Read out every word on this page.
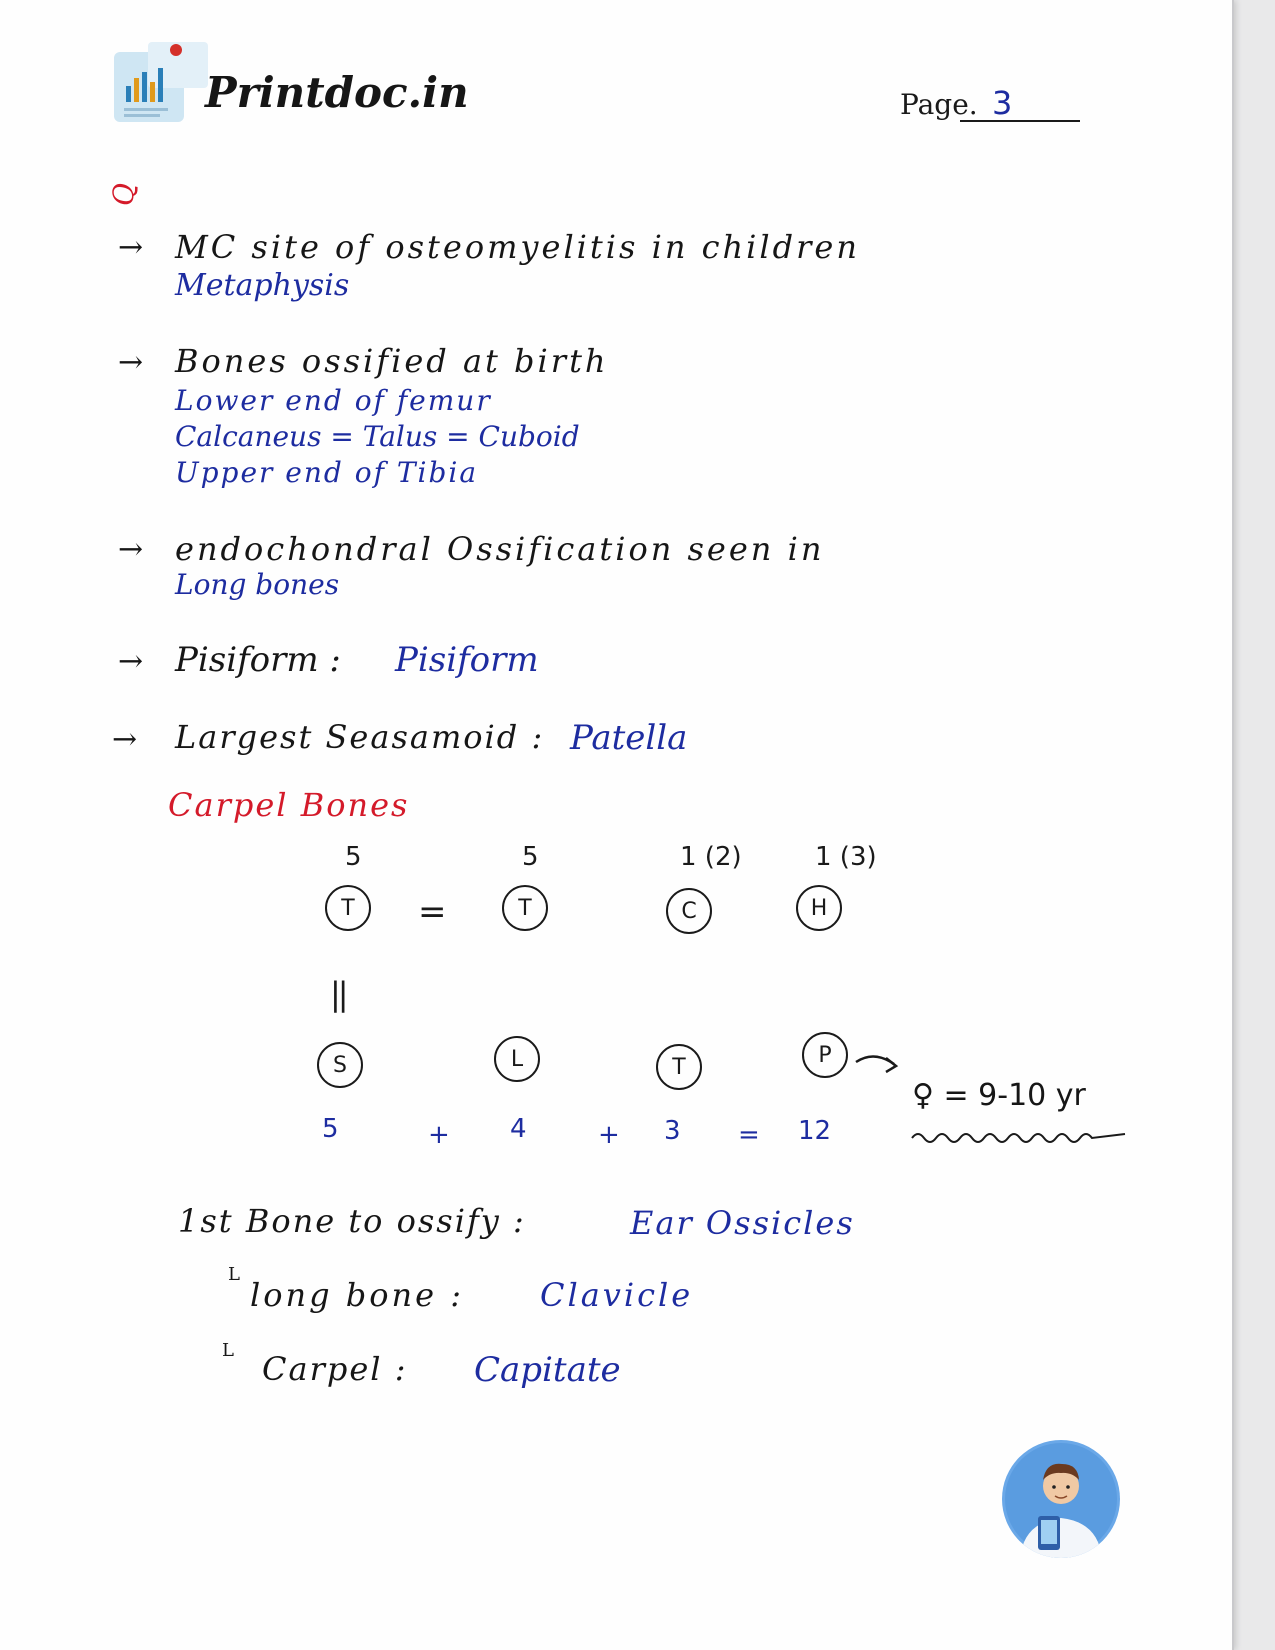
Printdoc.in	Page. 3
Q
→ MC site of osteomyelitis in children
Metaphysis
→ Bones ossified at birth
Lower end of femur
Calcaneus = Talus = Cuboid
Upper end of Tibia
→ endochondral Ossification seen in
Long bones
→ Pisiform : Pisiform
→ Largest Seasamoid : Patella
Carpel Bones
5	5	1 (2)	1 (3)
T	=	T	C	H
||
S	L	T	P
5	+ 4	+ 3 = 12
♀ = 9-10 yr
1st Bone to ossify :	Ear Ossicles
L
long bone : Clavicle
L Carpel : Capitate
